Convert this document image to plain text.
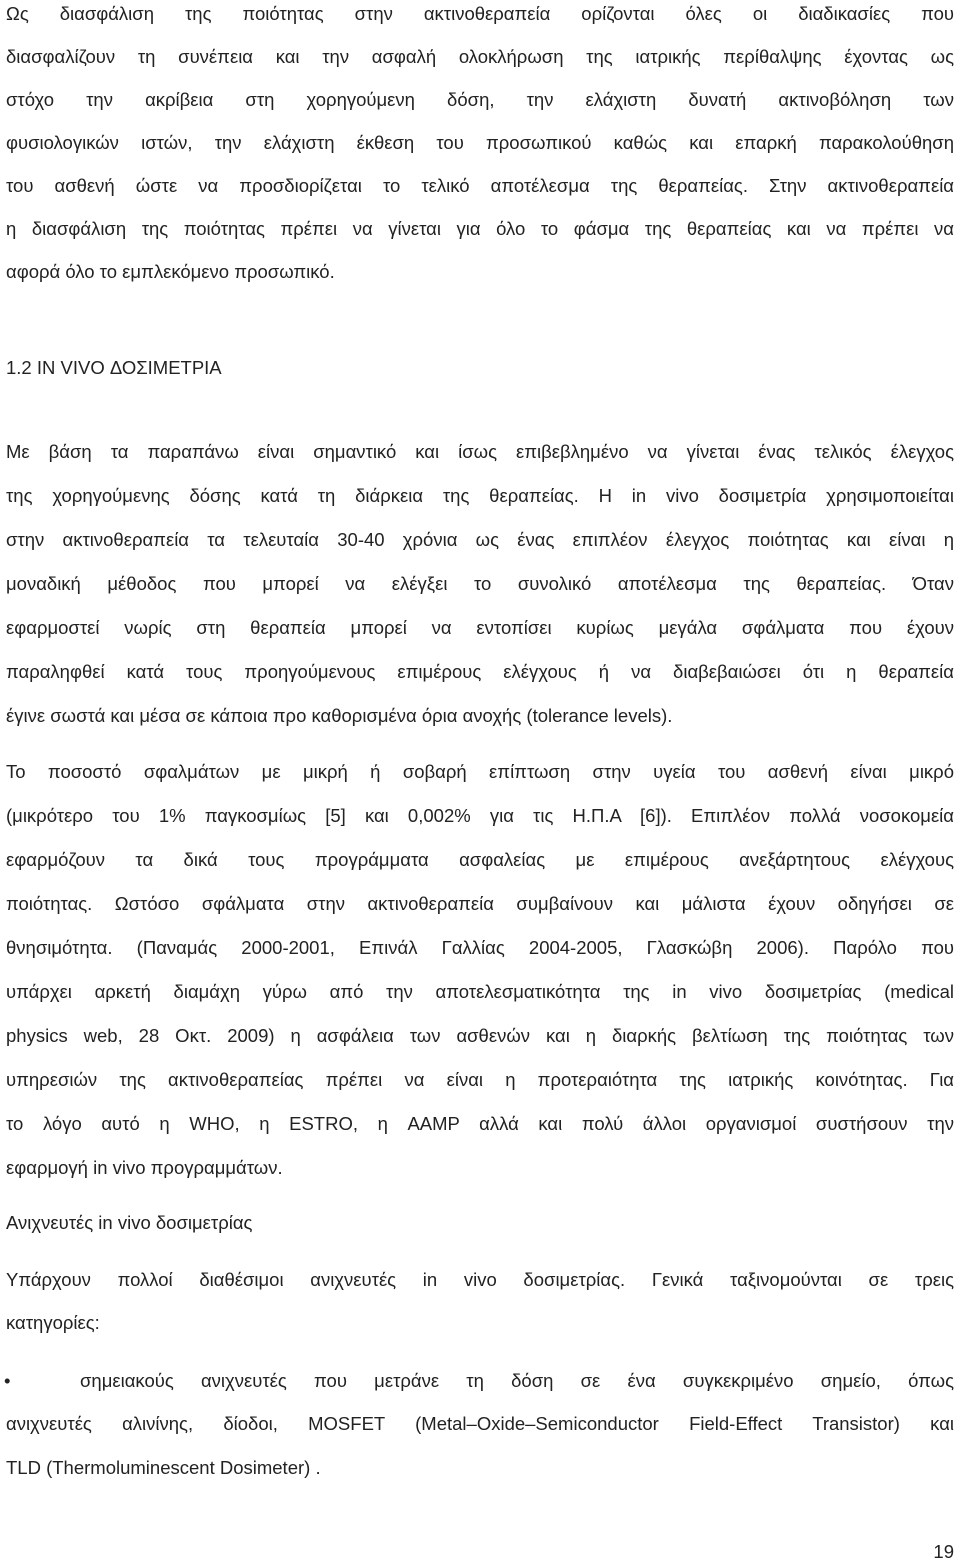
Ως διασφάλιση της ποιότητας στην ακτινοθεραπεία ορίζονται όλες οι διαδικασίες που
διασφαλίζουν τη συνέπεια και την ασφαλή ολοκλήρωση της ιατρικής περίθαλψης έχοντας ως
στόχο την ακρίβεια στη χορηγούμενη δόση, την ελάχιστη δυνατή ακτινοβόληση των
φυσιολογικών ιστών, την ελάχιστη έκθεση του προσωπικού καθώς και επαρκή παρακολούθηση
του ασθενή ώστε να προσδιορίζεται το τελικό αποτέλεσμα της θεραπείας. Στην ακτινοθεραπεία
η διασφάλιση της ποιότητας πρέπει να γίνεται για όλο το φάσμα της θεραπείας και να πρέπει να
αφορά όλο το εμπλεκόμενο προσωπικό.
1.2 IN VIVO ΔΟΣΙΜΕΤΡΙΑ
Με βάση τα παραπάνω είναι σημαντικό και ίσως επιβεβλημένο να γίνεται ένας τελικός έλεγχος
της χορηγούμενης δόσης κατά τη διάρκεια της θεραπείας. Η in vivo δοσιμετρία χρησιμοποιείται
στην ακτινοθεραπεία τα τελευταία 30-40 χρόνια ως ένας επιπλέον έλεγχος ποιότητας και είναι η
μοναδική μέθοδος που μπορεί να ελέγξει το συνολικό αποτέλεσμα της θεραπείας. Όταν
εφαρμοστεί νωρίς στη θεραπεία μπορεί να εντοπίσει κυρίως μεγάλα σφάλματα που έχουν
παραληφθεί κατά τους προηγούμενους επιμέρους ελέγχους ή να διαβεβαιώσει ότι η θεραπεία
έγινε σωστά και μέσα σε κάποια προ καθορισμένα όρια ανοχής (tolerance levels).
Το ποσοστό σφαλμάτων με μικρή ή σοβαρή επίπτωση στην υγεία του ασθενή είναι μικρό
(μικρότερο του 1% παγκοσμίως [5] και 0,002% για τις Η.Π.Α [6]). Επιπλέον πολλά νοσοκομεία
εφαρμόζουν τα δικά τους προγράμματα ασφαλείας με επιμέρους ανεξάρτητους ελέγχους
ποιότητας. Ωστόσο σφάλματα στην ακτινοθεραπεία συμβαίνουν και μάλιστα έχουν οδηγήσει σε
θνησιμότητα. (Παναμάς 2000-2001, Επινάλ Γαλλίας 2004-2005, Γλασκώβη 2006). Παρόλο που
υπάρχει αρκετή διαμάχη γύρω από την αποτελεσματικότητα της in vivo δοσιμετρίας (medical
physics web, 28 Οκτ. 2009) η ασφάλεια των ασθενών και η διαρκής βελτίωση της ποιότητας των
υπηρεσιών της ακτινοθεραπείας πρέπει να είναι η προτεραιότητα της ιατρικής κοινότητας. Για
το λόγο αυτό η WHO, η ESTRO, η AAMP αλλά και πολύ άλλοι οργανισμοί συστήσουν την
εφαρμογή in vivo προγραμμάτων.
Ανιχνευτές in vivo δοσιμετρίας
Υπάρχουν πολλοί διαθέσιμοι ανιχνευτές in vivo δοσιμετρίας. Γενικά ταξινομούνται σε τρεις
κατηγορίες:
•	σημειακούς ανιχνευτές που μετράνε τη δόση σε ένα συγκεκριμένο σημείο, όπως
ανιχνευτές αλινίνης, δίοδοι, MOSFET (Metal–Oxide–Semiconductor Field-Effect Transistor) και
TLD (Thermoluminescent Dosimeter) .
19
